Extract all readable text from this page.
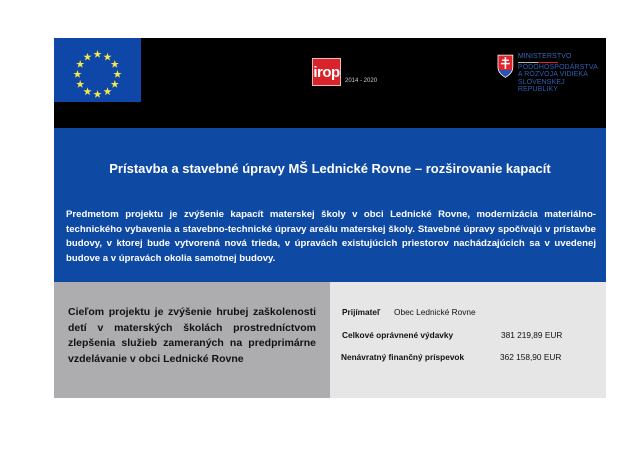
irop 2014 - 2020
MINISTERSTVO
PÔDOHOSPODÁRSTVA
A ROZVOJA VIDIEKA
SLOVENSKEJ REPUBLIKY
Prístavba a stavebné úpravy MŠ Lednické Rovne – rozširovanie kapacít
Predmetom projektu je zvýšenie kapacít materskej školy v obci Lednické Rovne, modernizácia materiálno-technického vybavenia a stavebno-technické úpravy areálu materskej školy. Stavebné úpravy spočívajú v prístavbe budovy, v ktorej bude vytvorená nová trieda, v úpravách existujúcich priestorov nachádzajúcich sa v uvedenej budove a v úpravách okolia samotnej budovy.
Cieľom projektu je zvýšenie hrubej zaškolenosti detí v materských školách prostredníctvom zlepšenia služieb zameraných na predprimárne vzdelávanie v obci Lednické Rovne
Prijímateľ Obec Lednické Rovne
Celkové oprávnené výdavky	381 219,89 EUR
Nenávratný finančný príspevok	362 158,90 EUR
